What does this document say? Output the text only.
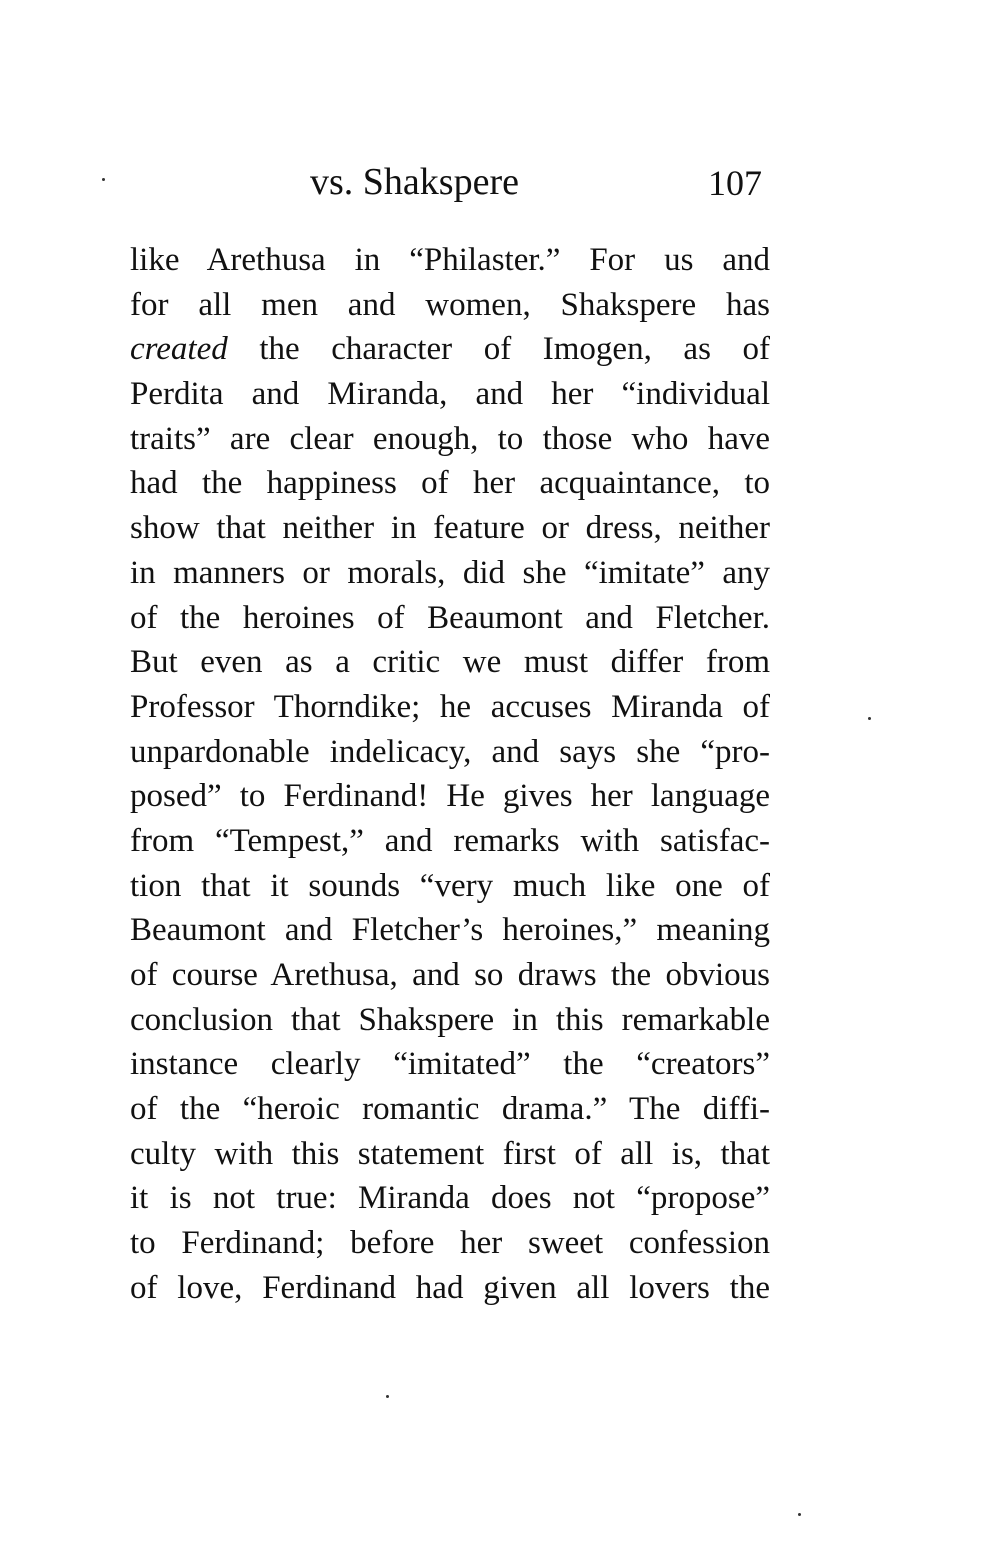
vs. Shakspere	107
like Arethusa in “Philaster.” For us and
for all men and women, Shakspere has
created the character of Imogen, as of
Perdita and Miranda, and her “individual
traits” are clear enough, to those who have
had the happiness of her acquaintance, to
show that neither in feature or dress, neither
in manners or morals, did she “imitate” any
of the heroines of Beaumont and Fletcher.
But even as a critic we must differ from
Professor Thorndike; he accuses Miranda of
unpardonable indelicacy, and says she “pro-
posed” to Ferdinand! He gives her language
from “Tempest,” and remarks with satisfac-
tion that it sounds “very much like one of
Beaumont and Fletcher’s heroines,” meaning
of course Arethusa, and so draws the obvious
conclusion that Shakspere in this remarkable
instance clearly “imitated” the “creators”
of the “heroic romantic drama.” The diffi-
culty with this statement first of all is, that
it is not true: Miranda does not “propose”
to Ferdinand; before her sweet confession
of love, Ferdinand had given all lovers the
